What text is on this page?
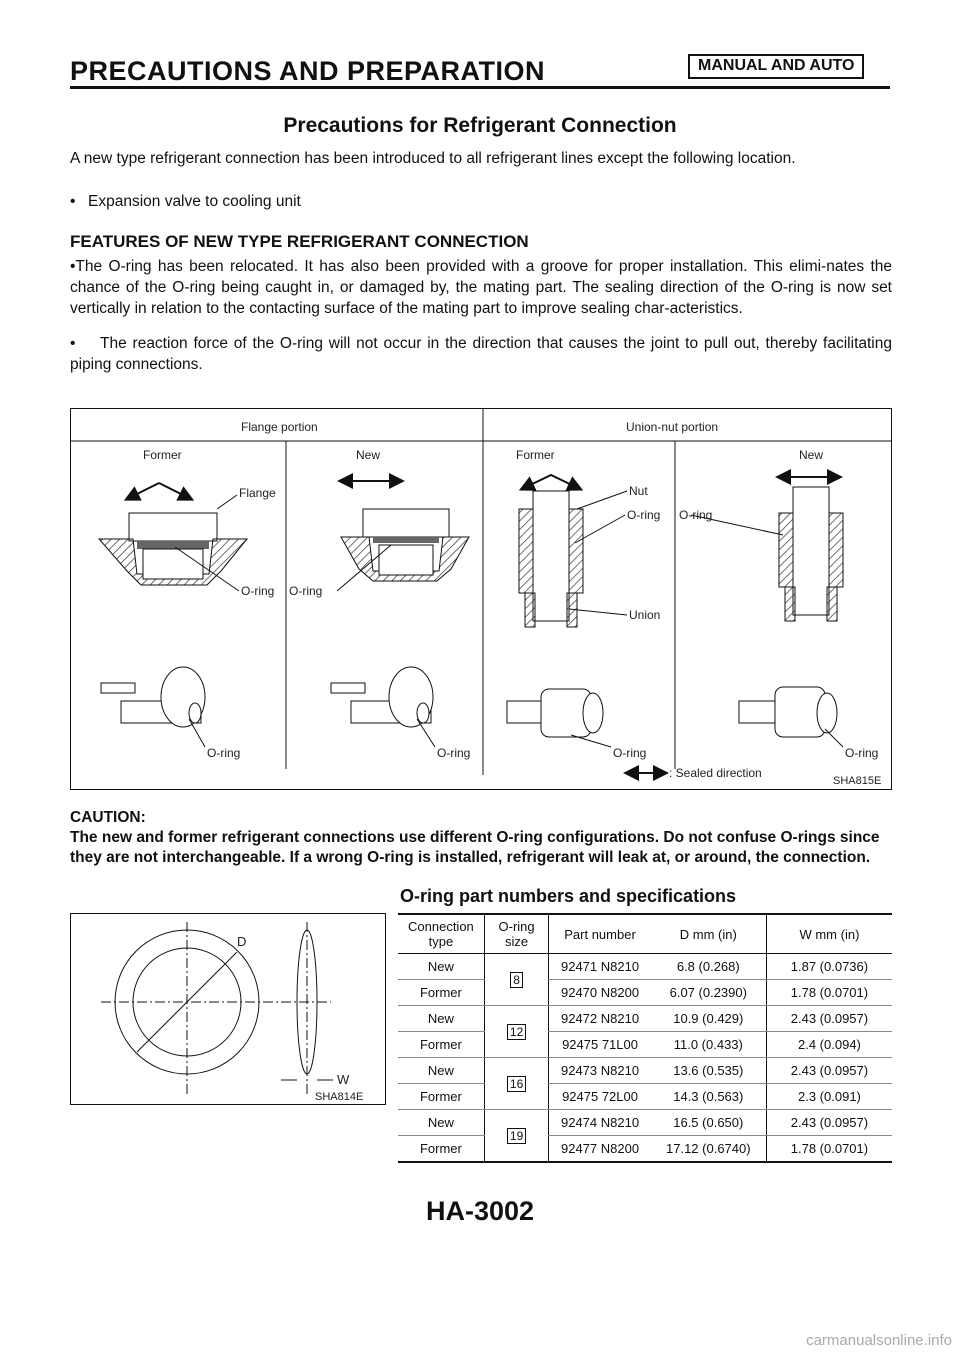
PRECAUTIONS AND PREPARATION	MANUAL AND AUTO
Precautions for Refrigerant Connection
A new type refrigerant connection has been introduced to all refrigerant lines except the following location.
• Expansion valve to cooling unit
FEATURES OF NEW TYPE REFRIGERANT CONNECTION
•The O-ring has been relocated. It has also been provided with a groove for proper installation. This elimi-nates the chance of the O-ring being caught in, or damaged by, the mating part. The sealing direction of the O-ring is now set vertically in relation to the contacting surface of the mating part to improve sealing char-acteristics.
• The reaction force of the O-ring will not occur in the direction that causes the joint to pull out, thereby facilitating piping connections.
Flange portion	Union-nut portion
Former
Flange
O-ring
New
O-ring
Former
Nut
O-ring
Union
New
O-ring
O-ring	O-ring	O-ring	O-ring
: Sealed direction
SHA815E
CAUTION:
The new and former refrigerant connections use different O-ring configurations. Do not confuse O-rings since they are not interchangeable. If a wrong O-ring is installed, refrigerant will leak at, or around, the connection.
D
W
SHA814E
O-ring part numbers and specifications
Connection type	O-ring size	Part number	D mm (in)	W mm (in)
New	8	92471 N8210	6.8 (0.268)	1.87 (0.0736)
Former		92470 N8200	6.07 (0.2390)	1.78 (0.0701)
New	12	92472 N8210	10.9 (0.429)	2.43 (0.0957)
Former		92475 71L00	11.0 (0.433)	2.4 (0.094)
New	16	92473 N8210	13.6 (0.535)	2.43 (0.0957)
Former		92475 72L00	14.3 (0.563)	2.3 (0.091)
New	19	92474 N8210	16.5 (0.650)	2.43 (0.0957)
Former		92477 N8200	17.12 (0.6740)	1.78 (0.0701)
HA-3002
carmanualsonline.info
